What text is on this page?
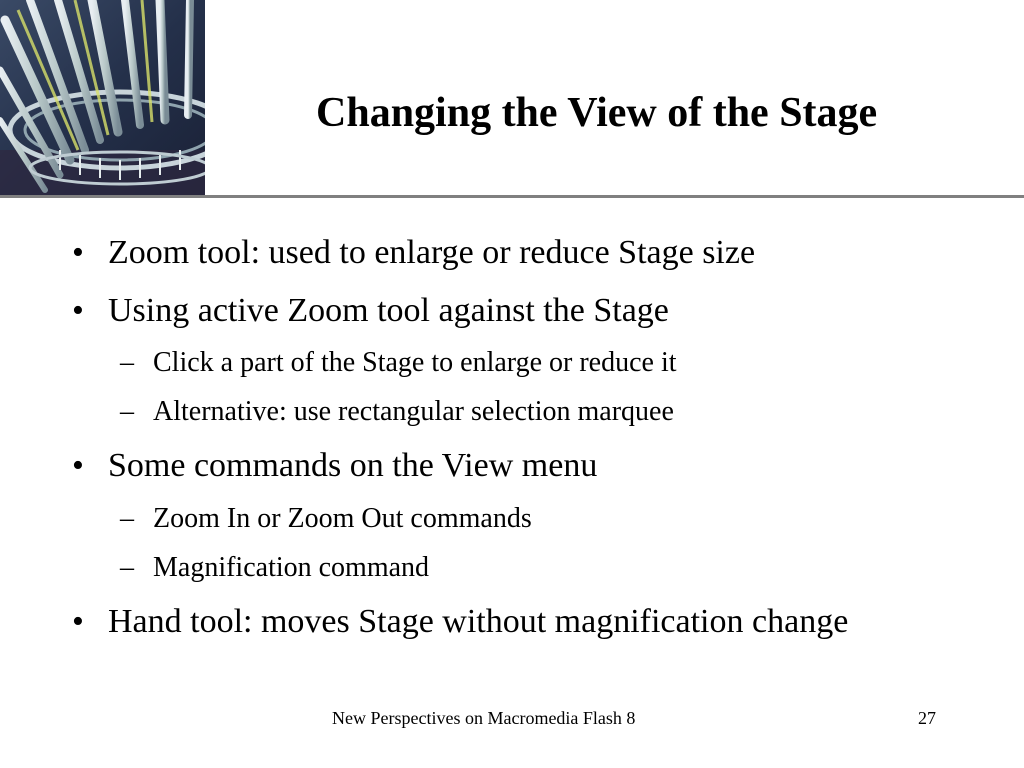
Changing the View of the Stage
• Zoom tool: used to enlarge or reduce Stage size
• Using active Zoom tool against the Stage
– Click a part of the Stage to enlarge or reduce it
– Alternative: use rectangular selection marquee
• Some commands on the View menu
– Zoom In or Zoom Out commands
– Magnification command
• Hand tool: moves Stage without magnification change
New Perspectives on Macromedia Flash 8	27
